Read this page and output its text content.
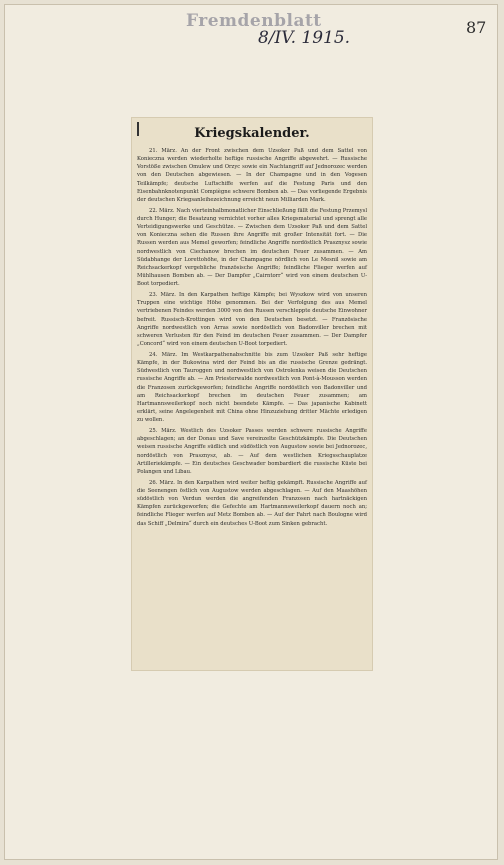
Fremdenblatt
8/IV. 1915.
87
Kriegskalender.

21. März. An der Front zwischen dem Uzsoker Paß und dem Sattel von Konieczna werden wiederholte heftige russische Angriffe abgewehrt. — Russische Vorstöße zwischen Omulew und Orzyc sowie ein Nachtangriff auf Jednorozec werden von den Deutschen abgewiesen. — In der Champagne und in den Vogesen Teilkämpfe; deutsche Luftschiffe werfen auf die Festung Paris und den Eisenbahnknotenpunkt Compiègne schwere Bomben ab. — Das vorliegende Ergebnis der deutschen Kriegsanleihezeichnung erreicht neun Milliarden Mark.

22. März. Nach vierteinhalbmonatlicher Einschließung fällt die Festung Przemysl durch Hunger; die Besatzung vernichtet vorher alles Kriegsmaterial und sprengt alle Verteidigungswerke und Geschütze. — Zwischen dem Uzsoker Paß und dem Sattel von Konieczna sehen die Russen ihre Angriffe mit großer Intensität fort. — Die Russen werden aus Memel geworfen; feindliche Angriffe nordöstlich Prasznysz sowie nordwestlich von Ciechanow brechen im deutschen Feuer zusammen. — Am Südabhange der Lorettohöhe, in der Champagne nördlich von Le Mesnil sowie am Reichsackerkopf vergebliche französische Angriffe; feindliche Flieger werfen auf Mühlhausen Bomben ab. — Der Dampfer „Cairntorr“ wird von einem deutschen U-Boot torpediert.

23. März. In den Karpathen heftige Kämpfe; bei Wyszkow wird von unseren Truppen eine wichtige Höhe genommen. Bei der Verfolgung des aus Memel vertriebenen Feindes werden 3000 von den Russen verschleppte deutsche Einwohner befreit. Russisch-Krottingen wird von den Deutschen besetzt. — Französische Angriffe nordwestlich von Arras sowie nordöstlich von Badonviller brechen mit schweren Verlusten für den Feind im deutschen Feuer zusammen. — Der Dampfer „Concord“ wird von einem deutschen U-Boot torpediert.

24. März. Im Westkarpathenabschnitte bis zum Uzsoker Paß sehr heftige Kämpfe, in der Bukowina wird der Feind bis an die russische Grenze gedrängt. Südwestlich von Tauroggen und nordwestlich von Ostrolenka weisen die Deutschen russische Angriffe ab. — Am Priesterwalde nordwestlich von Pont-à-Mousson werden die Franzosen zurückgeworfen; feindliche Angriffe nordöstlich von Badonviller und am Reichsackerkopf brechen im deutschen Feuer zusammen; am Hartmannsweilerkopf noch nicht beendete Kämpfe. — Das japanische Kabinett erklärt, seine Angelegenheit mit China ohne Hinzuziehung dritter Mächte erledigen zu wollen.

25. März. Westlich des Uzsoker Passes werden schwere russische Angriffe abgeschlagen; an der Donau und Save vereinzelte Geschützkämpfe. Die Deutschen weisen russische Angriffe südlich und südöstlich von Augustow sowie bei Jednorozec, nordöstlich von Prasznysz, ab. — Auf dem westlichen Kriegsschauplatze Artilleriekämpfe. — Ein deutsches Geschwader bombardiert die russische Küste bei Polangen und Libau.

26. März. In den Karpathen wird weiter heftig gekämpft. Russische Angriffe auf die Seenengen östlich von Augustow werden abgeschlagen. — Auf den Maashöhen südöstlich von Verdun werden die angreifenden Franzosen nach hartnäckigen Kämpfen zurückgeworfen; die Gefechte am Hartmannsweilerkopf dauern noch an; feindliche Flieger werfen auf Metz Bomben ab. — Auf der Fahrt nach Boulogne wird das Schiff „Delmira“ durch ein deutsches U-Boot zum Sinken gebracht.
